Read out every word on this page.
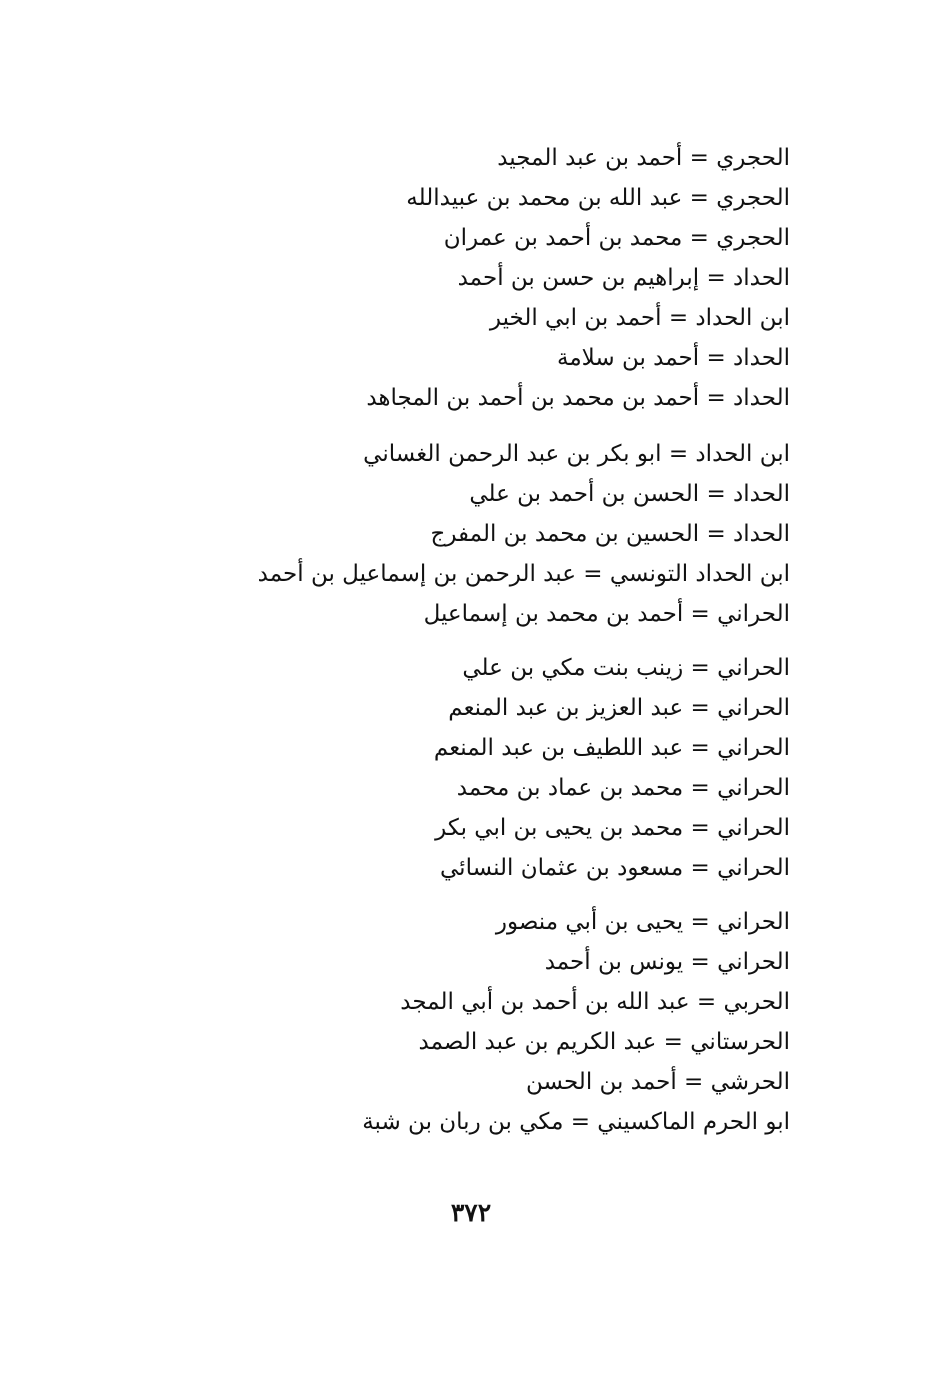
الحجري = أحمد بن عبد المجيد
الحجري = عبد الله بن محمد بن عبيدالله
الحجري = محمد بن أحمد بن عمران
الحداد = إبراهيم بن حسن بن أحمد
ابن الحداد = أحمد بن ابي الخير
الحداد = أحمد بن سلامة
الحداد = أحمد بن محمد بن أحمد بن المجاهد
ابن الحداد = ابو بكر بن عبد الرحمن الغساني
الحداد = الحسن بن أحمد بن علي
الحداد = الحسين بن محمد بن المفرج
ابن الحداد التونسي = عبد الرحمن بن إسماعيل بن أحمد
الحراني = أحمد بن محمد بن إسماعيل
الحراني = زينب بنت مكي بن علي
الحراني = عبد العزيز بن عبد المنعم
الحراني = عبد اللطيف بن عبد المنعم
الحراني = محمد بن عماد بن محمد
الحراني = محمد بن يحيى بن ابي بكر
الحراني = مسعود بن عثمان النسائي
الحراني = يحيى بن أبي منصور
الحراني = يونس بن أحمد
الحربي = عبد الله بن أحمد بن أبي المجد
الحرستاني = عبد الكريم بن عبد الصمد
الحرشي = أحمد بن الحسن
ابو الحرم الماكسيني = مكي بن ربان بن شبة
٣٧٢
